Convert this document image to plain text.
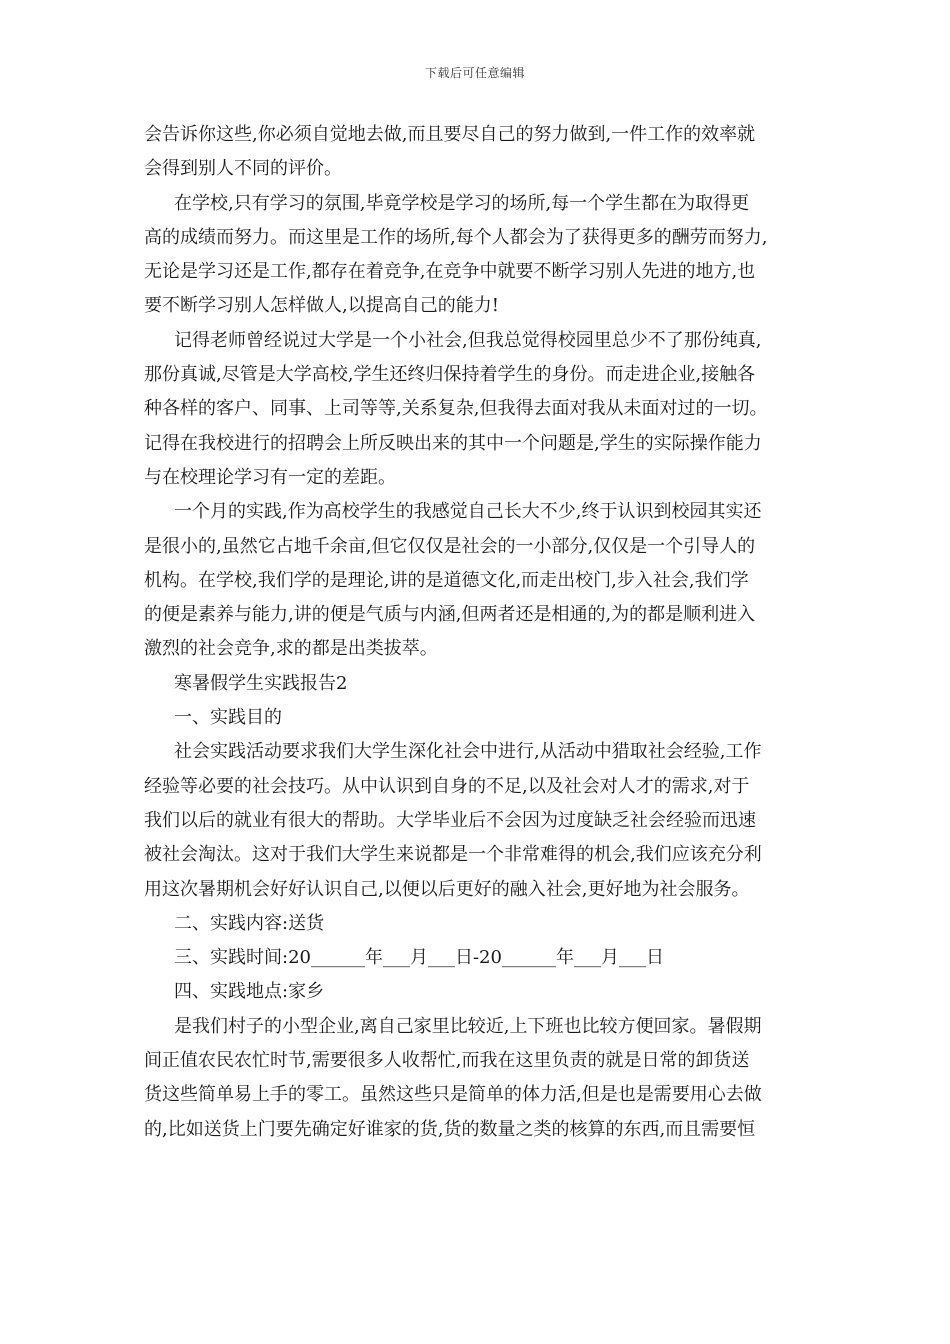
下载后可任意编辑
会告诉你这些,你必须自觉地去做,而且要尽自己的努力做到,一件工作的效率就
会得到别人不同的评价。
在学校,只有学习的氛围,毕竟学校是学习的场所,每一个学生都在为取得更
高的成绩而努力。而这里是工作的场所,每个人都会为了获得更多的酬劳而努力,
无论是学习还是工作,都存在着竞争,在竞争中就要不断学习别人先进的地方,也
要不断学习别人怎样做人,以提高自己的能力!
记得老师曾经说过大学是一个小社会,但我总觉得校园里总少不了那份纯真,
那份真诚,尽管是大学高校,学生还终归保持着学生的身份。而走进企业,接触各
种各样的客户、同事、上司等等,关系复杂,但我得去面对我从未面对过的一切。
记得在我校进行的招聘会上所反映出来的其中一个问题是,学生的实际操作能力
与在校理论学习有一定的差距。
一个月的实践,作为高校学生的我感觉自己长大不少,终于认识到校园其实还
是很小的,虽然它占地千余亩,但它仅仅是社会的一小部分,仅仅是一个引导人的
机构。在学校,我们学的是理论,讲的是道德文化,而走出校门,步入社会,我们学
的便是素养与能力,讲的便是气质与内涵,但两者还是相通的,为的都是顺利进入
激烈的社会竞争,求的都是出类拔萃。
寒暑假学生实践报告2
一、实践目的
社会实践活动要求我们大学生深化社会中进行,从活动中猎取社会经验,工作
经验等必要的社会技巧。从中认识到自身的不足,以及社会对人才的需求,对于
我们以后的就业有很大的帮助。大学毕业后不会因为过度缺乏社会经验而迅速
被社会淘汰。这对于我们大学生来说都是一个非常难得的机会,我们应该充分利
用这次暑期机会好好认识自己,以便以后更好的融入社会,更好地为社会服务。
二、实践内容:送货
三、实践时间:20______年___月___日-20______年___月___日
四、实践地点:家乡
是我们村子的小型企业,离自己家里比较近,上下班也比较方便回家。暑假期
间正值农民农忙时节,需要很多人收帮忙,而我在这里负责的就是日常的卸货送
货这些简单易上手的零工。虽然这些只是简单的体力活,但是也是需要用心去做
的,比如送货上门要先确定好谁家的货,货的数量之类的核算的东西,而且需要恒
